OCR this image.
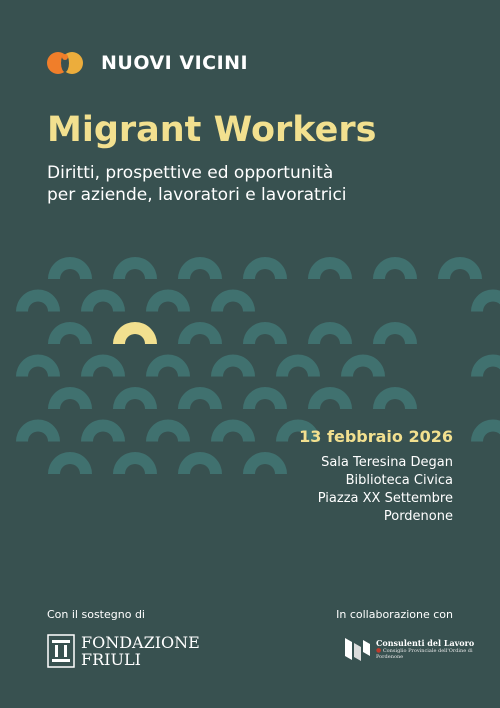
NUOVI VICINI
Migrant Workers
Diritti, prospettive ed opportunità
per aziende, lavoratori e lavoratrici
13 febbraio 2026
Sala Teresina Degan
Biblioteca Civica
Piazza XX Settembre
Pordenone
Con il sostegno di	In collaborazione con
FONDAZIONE
FRIULI
Consulenti del Lavoro
● Consiglio Provinciale dell'Ordine di
Pordenone
